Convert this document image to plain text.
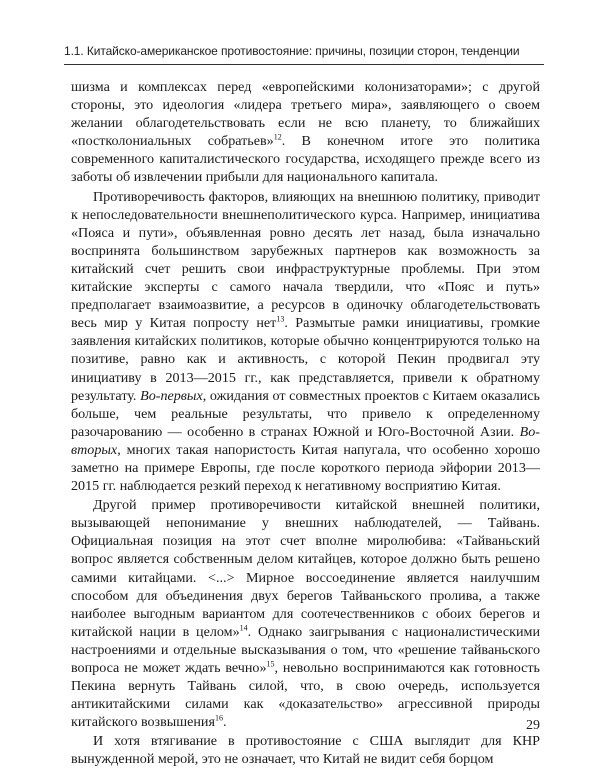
1.1. Китайско-американское противостояние: причины, позиции сторон, тенденции

шизма и комплексах перед «европейскими колонизаторами»; с другой стороны, это идеология «лидера третьего мира», заявляющего о своем желании облагодетельствовать если не всю планету, то ближайших «постколониальных собратьев»$^{12}$. В конечном итоге это политика современного капиталистического государства, исходящего прежде всего из заботы об извлечении прибыли для национального капитала.

Противоречивость факторов, влияющих на внешнюю политику, приводит к непоследовательности внешнеполитического курса. Например, инициатива «Пояса и пути», объявленная ровно десять лет назад, была изначально воспринята большинством зарубежных партнеров как возможность за китайский счет решить свои инфраструктурные проблемы. При этом китайские эксперты с самого начала твердили, что «Пояс и путь» предполагает взаимоазвитие, а ресурсов в одиночку облагодетельствовать весь мир у Китая попросту нет$^{13}$. Размытые рамки инициативы, громкие заявления китайских политиков, которые обычно концентрируются только на позитиве, равно как и активность, с которой Пекин продвигал эту инициативу в 2013—2015 гг., как представляется, привели к обратному результату. Во-первых, ожидания от совместных проектов с Китаем оказались больше, чем реальные результаты, что привело к определенному разочарованию — особенно в странах Южной и Юго-Восточной Азии. Во-вторых, многих такая напористость Китая напугала, что особенно хорошо заметно на примере Европы, где после короткого периода эйфории 2013—2015 гг. наблюдается резкий переход к негативному восприятию Китая.

Другой пример противоречивости китайской внешней политики, вызывающей непонимание у внешних наблюдателей, — Тайвань. Официальная позиция на этот счет вполне миролюбива: «Тайваньский вопрос является собственным делом китайцев, которое должно быть решено самими китайцами. <...> Мирное воссоединение является наилучшим способом для объединения двух берегов Тайваньского пролива, а также наиболее выгодным вариантом для соотечественников с обоих берегов и китайской нации в целом»$^{14}$. Однако заигрывания с националистическими настроениями и отдельные высказывания о том, что «решение тайваньского вопроса не может ждать вечно»$^{15}$, невольно воспринимаются как готовность Пекина вернуть Тайвань силой, что, в свою очередь, используется антикитайскими силами как «доказательство» агрессивной природы китайского возвышения$^{16}$.

И хотя втягивание в противостояние с США выглядит для КНР вынужденной мерой, это не означает, что Китай не видит себя борцом

29
